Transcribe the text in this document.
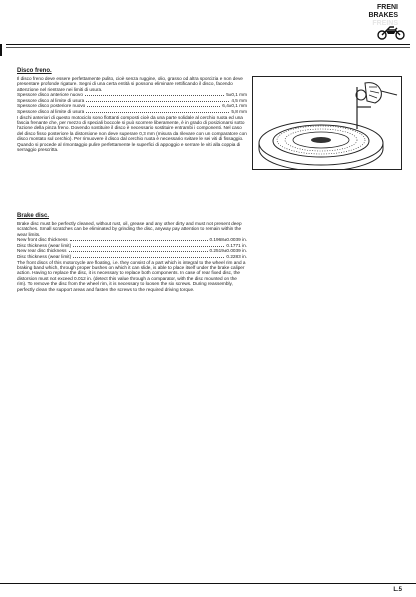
FRENI
BRAKES
FREINS
Disco freno.

Il disco freno deve essere perfettamente pulito, cioè senza ruggine, olio, grasso od altra sporcizia e non deve presentare profonde rigature. Segni di una certa entità si possono eliminare rettificando il disco, facendo attenzione nel rientrare nei limiti di usura.

Spessore disco anteriore nuovo	5±0,1 mm
Spessore disco al limite di usura	4,5 mm
Spessore disco posteriore nuovo	6,4±0,1 mm
Spessore disco al limite di usura	5,8 mm

I dischi anteriori di questo motociclo sono flottanti composti cioè da una parte solidale al cerchio ruota ed una fascia frenante che, per mezzo di speciali boccole si può scorrere liberamente, è in grado di posizionarsi sotto l'azione della pinza freno. Dovendo sostituire il disco è necessario sostituire entrambi i componenti. Nel caso del disco fisso posteriore la distorsione non deve superare 0,3 mm (misura da rilevare con un comparatore con disco montato sul cerchio). Per rimuovere il disco dal cerchio ruota è necessario svitare le sei viti di fissaggio. Quando si procede al rimontaggio pulire perfettamente le superfici di appoggio e serrare le viti alla coppia di serraggio prescritta.

Brake disc.

Brake disc must be perfectly cleaned, without rust, oil, grease and any other dirty and must not present deep scratches. Small scratches can be eliminated by grinding the disc, anyway pay attention to remain within the wear limits.

New front disc thickness	0.1968±0.0039 in.
Disc thickness (wear limit)	0.1771 in.
New rear disc thickness	0.2519±0.0039 in.
Disc thickness (wear limit)	0.2283 in.

The front discs of this motorcycle are floating, i.e. they consist of a part which is integral to the wheel rim and a braking band which, through proper bushes on which it can slide, is able to place itself under the brake caliper action. Having to replace the disc, it is necessary to replace both components. In case of rear fixed disc, the distorsion must not exceed 0.012 in. (detect this value through a comparator, with the disc mounted on the rim). To remove the disc from the wheel rim, it is necessary to loosen the six screws. During reassembly, perfectly clean the support areas and fasten the screws to the required driving torque.

L.5
